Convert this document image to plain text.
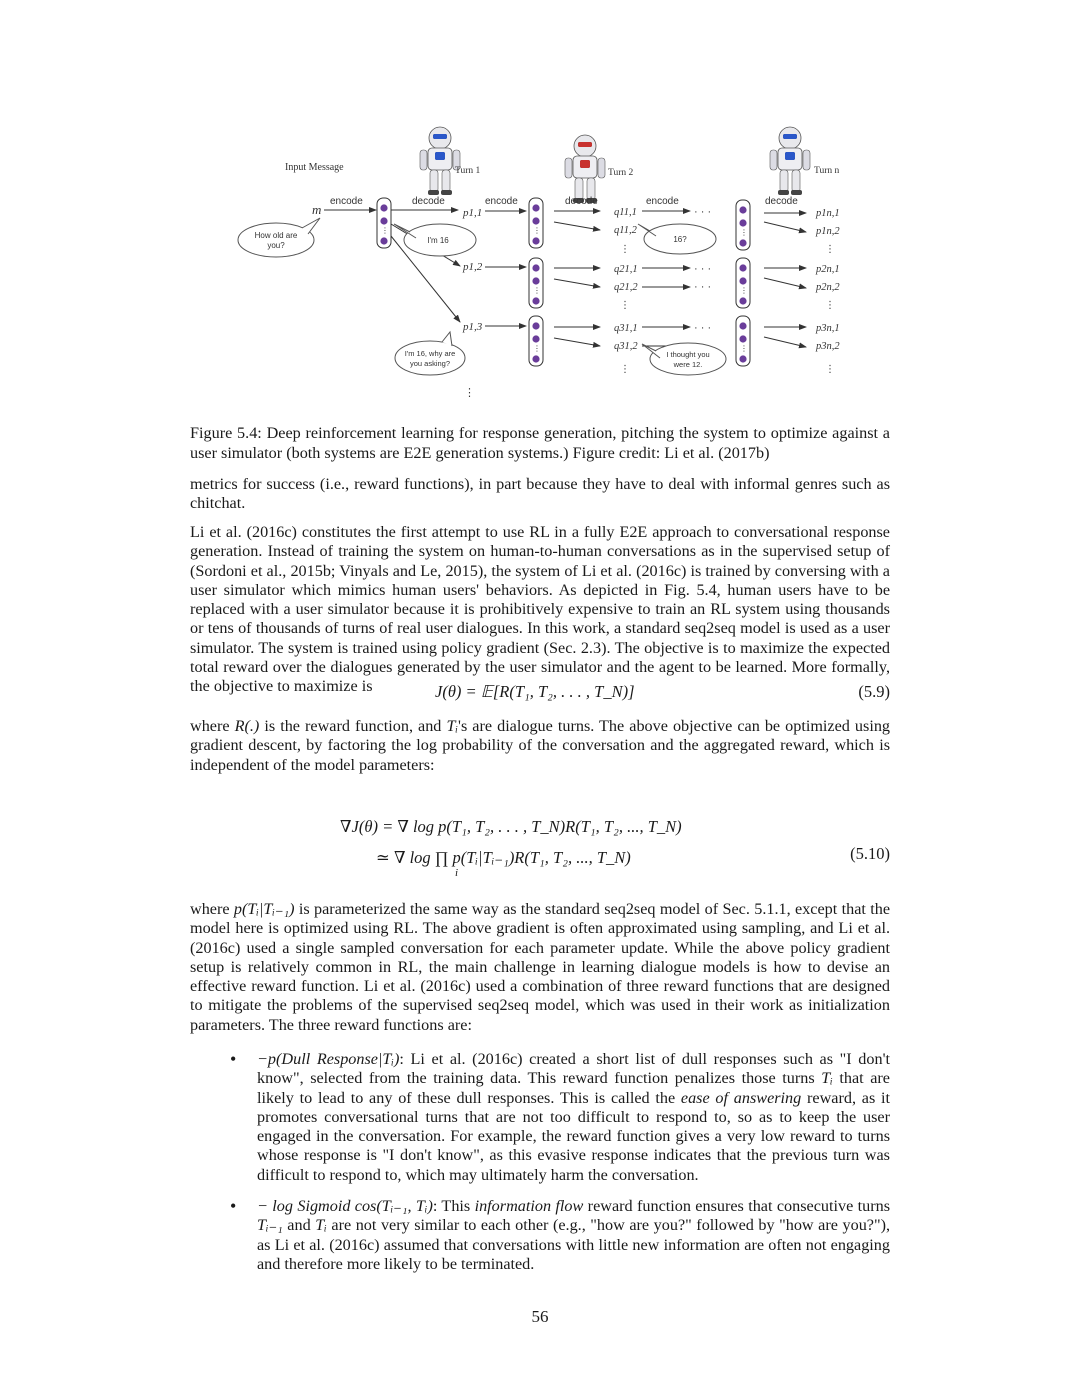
Input Message	Turn 1	Turn 2	Turn n
encode	decode	encode	decode	encode	decode
m
⋮
How old are
you?
p1,1
p1,2
p1,3
I'm 16
I'm 16, why are
you asking?
⋮
⋮
⋮
⋮
q11,1
q11,2
⋮
q21,1
q21,2
⋮
q31,1
q31,2
⋮
· · ·
· · ·
· · ·
· · ·
16?
I thought you
were 12.
⋮
⋮
⋮
p1n,1
p1n,2
⋮
p2n,1
p2n,2
⋮
p3n,1
p3n,2
⋮

Figure 5.4: Deep reinforcement learning for response generation, pitching the system to optimize against a user simulator (both systems are E2E generation systems.) Figure credit: Li et al. (2017b)

metrics for success (i.e., reward functions), in part because they have to deal with informal genres such as chitchat.

Li et al. (2016c) constitutes the first attempt to use RL in a fully E2E approach to conversational response generation. Instead of training the system on human-to-human conversations as in the supervised setup of (Sordoni et al., 2015b; Vinyals and Le, 2015), the system of Li et al. (2016c) is trained by conversing with a user simulator which mimics human users' behaviors. As depicted in Fig. 5.4, human users have to be replaced with a user simulator because it is prohibitively expensive to train an RL system using thousands or tens of thousands of turns of real user dialogues. In this work, a standard seq2seq model is used as a user simulator. The system is trained using policy gradient (Sec. 2.3). The objective is to maximize the expected total reward over the dialogues generated by the user simulator and the agent to be learned. More formally, the objective to maximize is	J(θ) = 𝔼[R(T₁, T₂, . . . , T_N)]	(5.9)

where R(.) is the reward function, and Tᵢ's are dialogue turns. The above objective can be optimized using gradient descent, by factoring the log probability of the conversation and the aggregated reward, which is independent of the model parameters:

∇J(θ) = ∇ log p(T₁, T₂, . . . , T_N)R(T₁, T₂, ..., T_N)
≃ ∇ log ∏ p(Tᵢ|Tᵢ₋₁)R(T₁, T₂, ..., T_N)
i
(5.10)

where p(Tᵢ|Tᵢ₋₁) is parameterized the same way as the standard seq2seq model of Sec. 5.1.1, except that the model here is optimized using RL. The above gradient is often approximated using sampling, and Li et al. (2016c) used a single sampled conversation for each parameter update. While the above policy gradient setup is relatively common in RL, the main challenge in learning dialogue models is how to devise an effective reward function. Li et al. (2016c) used a combination of three reward functions that are designed to mitigate the problems of the supervised seq2seq model, which was used in their work as initialization parameters. The three reward functions are:

• −p(Dull Response|Tᵢ): Li et al. (2016c) created a short list of dull responses such as "I don't know", selected from the training data. This reward function penalizes those turns Tᵢ that are likely to lead to any of these dull responses. This is called the ease of answering reward, as it promotes conversational turns that are not too difficult to respond to, so as to keep the user engaged in the conversation. For example, the reward function gives a very low reward to turns whose response is "I don't know", as this evasive response indicates that the previous turn was difficult to respond to, which may ultimately harm the conversation.

• − log Sigmoid cos(Tᵢ₋₁, Tᵢ): This information flow reward function ensures that consecutive turns Tᵢ₋₁ and Tᵢ are not very similar to each other (e.g., "how are you?" followed by "how are you?"), as Li et al. (2016c) assumed that conversations with little new information are often not engaging and therefore more likely to be terminated.

56
